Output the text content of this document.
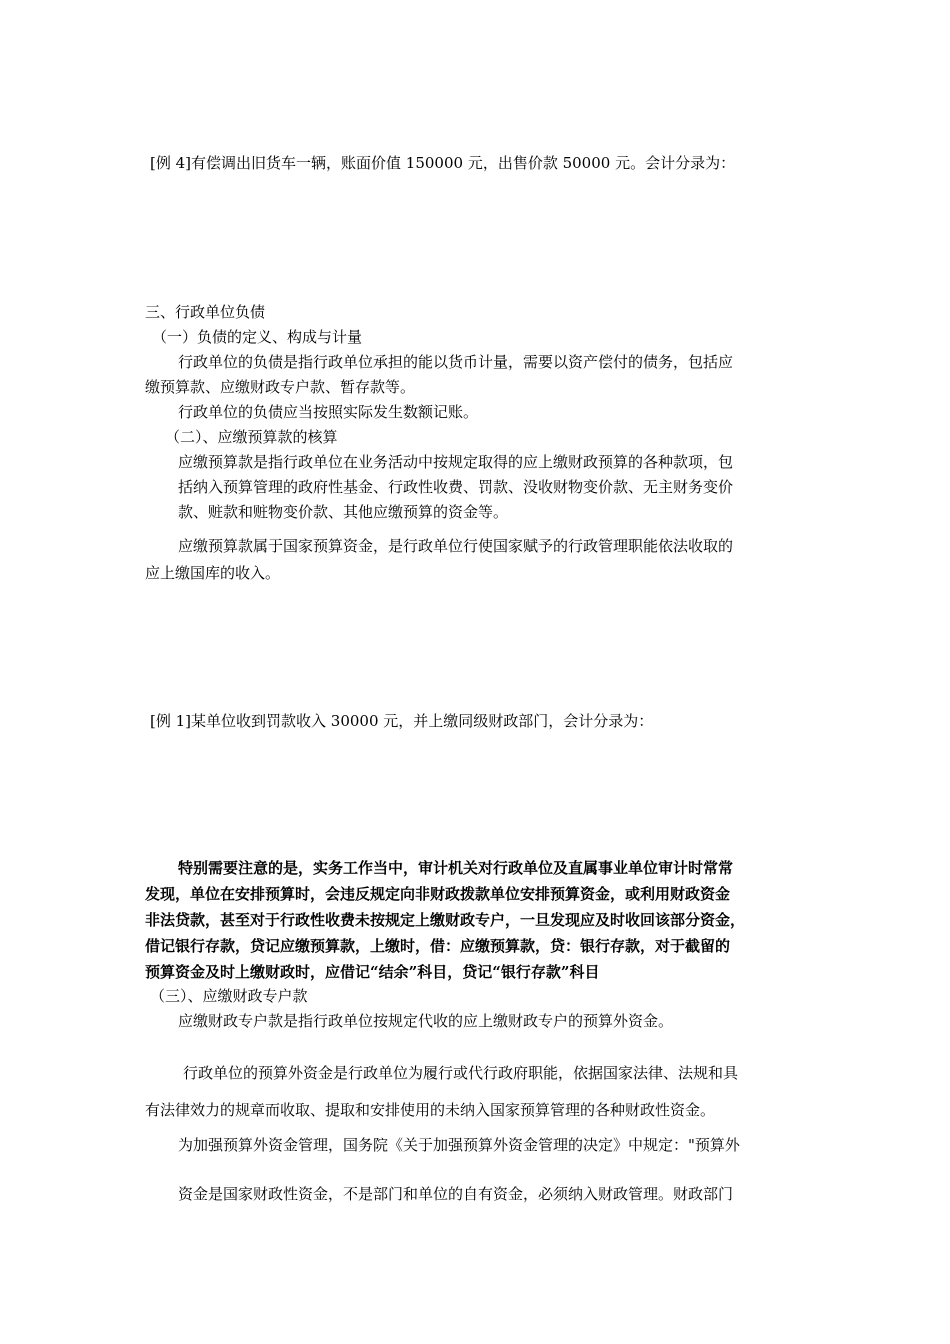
[例 4]有偿调出旧货车一辆，账面价值 150000 元，出售价款 50000 元。会计分录为：
三、行政单位负债
（一）负债的定义、构成与计量
行政单位的负债是指行政单位承担的能以货币计量，需要以资产偿付的债务，包括应
缴预算款、应缴财政专户款、暂存款等。
行政单位的负债应当按照实际发生数额记账。
（二）、应缴预算款的核算
应缴预算款是指行政单位在业务活动中按规定取得的应上缴财政预算的各种款项，包
括纳入预算管理的政府性基金、行政性收费、罚款、没收财物变价款、无主财务变价
款、赃款和赃物变价款、其他应缴预算的资金等。
应缴预算款属于国家预算资金，是行政单位行使国家赋予的行政管理职能依法收取的
应上缴国库的收入。
[例 1]某单位收到罚款收入 30000 元，并上缴同级财政部门，会计分录为：
特别需要注意的是，实务工作当中，审计机关对行政单位及直属事业单位审计时常常
发现，单位在安排预算时，会违反规定向非财政拨款单位安排预算资金，或利用财政资金
非法贷款，甚至对于行政性收费未按规定上缴财政专户，一旦发现应及时收回该部分资金，
借记银行存款，贷记应缴预算款，上缴时，借：应缴预算款，贷：银行存款，对于截留的
预算资金及时上缴财政时，应借记“结余”科目，贷记“银行存款”科目
（三）、应缴财政专户款
应缴财政专户款是指行政单位按规定代收的应上缴财政专户的预算外资金。
行政单位的预算外资金是行政单位为履行或代行政府职能，依据国家法律、法规和具
有法律效力的规章而收取、提取和安排使用的未纳入国家预算管理的各种财政性资金。
为加强预算外资金管理，国务院《关于加强预算外资金管理的决定》中规定："预算外
资金是国家财政性资金，不是部门和单位的自有资金，必须纳入财政管理。财政部门
